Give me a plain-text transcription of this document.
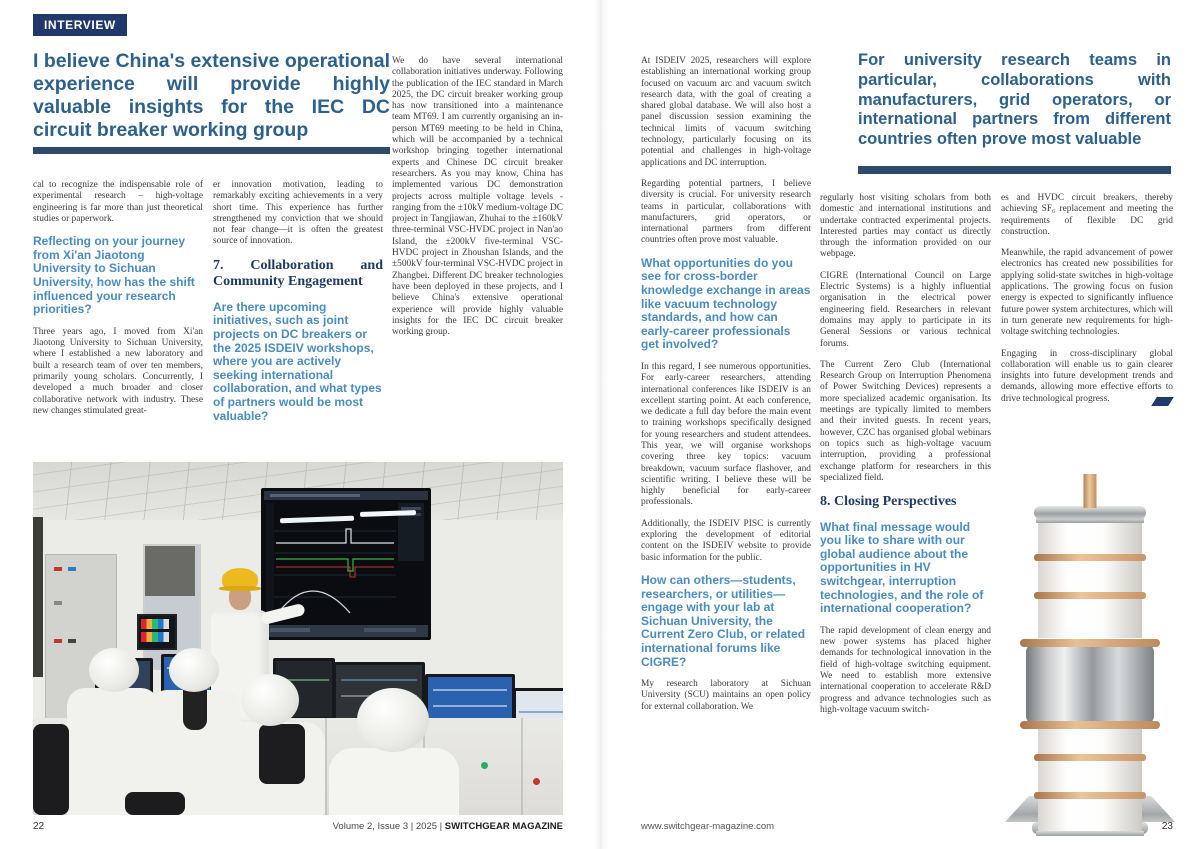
INTERVIEW
I believe China's extensive operational experience will provide highly valuable insights for the IEC DC circuit breaker working group

cal to recognize the indispensable role of experimental research – high-voltage engineering is far more than just theoretical studies or paperwork.

Reflecting on your journey from Xi'an Jiaotong University to Sichuan University, how has the shift influenced your research priorities?

Three years ago, I moved from Xi'an Jiaotong University to Sichuan University, where I established a new laboratory and built a research team of over ten members, primarily young scholars. Concurrently, I developed a much broader and closer collaborative network with industry. These new changes stimulated great-

er innovation motivation, leading to remarkably exciting achievements in a very short time. This experience has further strengthened my conviction that we should not fear change—it is often the greatest source of innovation.

7. Collaboration and Community Engagement

Are there upcoming initiatives, such as joint projects on DC breakers or the 2025 ISDEIV workshops, where you are actively seeking international collaboration, and what types of partners would be most valuable?

We do have several international collaboration initiatives underway. Following the publication of the IEC standard in March 2025, the DC circuit breaker working group has now transitioned into a maintenance team MT69. I am currently organising an in-person MT69 meeting to be held in China, which will be accompanied by a technical workshop bringing together international experts and Chinese DC circuit breaker researchers. As you may know, China has implemented various DC demonstration projects across multiple voltage levels - ranging from the ±10kV medium-voltage DC project in Tangjiawan, Zhuhai to the ±160kV three-terminal VSC-HVDC project in Nan'ao Island, the ±200kV five-terminal VSC-HVDC project in Zhoushan Islands, and the ±500kV four-terminal VSC-HVDC project in Zhangbei. Different DC breaker technologies have been deployed in these projects, and I believe China's extensive operational experience will provide highly valuable insights for the IEC DC circuit breaker working group.

22	Volume 2, Issue 3 | 2025 | SWITCHGEAR MAGAZINE

At ISDEIV 2025, researchers will explore establishing an international working group focused on vacuum arc and vacuum switch research data, with the goal of creating a shared global database. We will also host a panel discussion session examining the technical limits of vacuum switching technology, particularly focusing on its potential and challenges in high-voltage applications and DC interruption.

Regarding potential partners, I believe diversity is crucial. For university research teams in particular, collaborations with manufacturers, grid operators, or international partners from different countries often prove most valuable.

What opportunities do you see for cross-border knowledge exchange in areas like vacuum technology standards, and how can early-career professionals get involved?

In this regard, I see numerous opportunities. For early-career researchers, attending international conferences like ISDEIV is an excellent starting point. At each conference, we dedicate a full day before the main event to training workshops specifically designed for young researchers and student attendees. This year, we will organise workshops covering three key topics: vacuum breakdown, vacuum surface flashover, and scientific writing. I believe these will be highly beneficial for early-career professionals.

Additionally, the ISDEIV PISC is currently exploring the development of editorial content on the ISDEIV website to provide basic information for the public.

How can others—students, researchers, or utilities—engage with your lab at Sichuan University, the Current Zero Club, or related international forums like CIGRE?

My research laboratory at Sichuan University (SCU) maintains an open policy for external collaboration. We

For university research teams in particular, collaborations with manufacturers, grid operators, or international partners from different countries often prove most valuable

regularly host visiting scholars from both domestic and international institutions and undertake contracted experimental projects. Interested parties may contact us directly through the information provided on our webpage.

CIGRE (International Council on Large Electric Systems) is a highly influential organisation in the electrical power engineering field. Researchers in relevant domains may apply to participate in its General Sessions or various technical forums.

The Current Zero Club (International Research Group on Interruption Phenomena of Power Switching Devices) represents a more specialized academic organisation. Its meetings are typically limited to members and their invited guests. In recent years, however, CZC has organised global webinars on topics such as high-voltage vacuum interruption, providing a professional exchange platform for researchers in this specialized field.

8. Closing Perspectives

What final message would you like to share with our global audience about the opportunities in HV switchgear, interruption technologies, and the role of international cooperation?

The rapid development of clean energy and new power systems has placed higher demands for technological innovation in the field of high-voltage switching equipment. We need to establish more extensive international cooperation to accelerate R&D progress and advance technologies such as high-voltage vacuum switch-

es and HVDC circuit breakers, thereby achieving SF₆ replacement and meeting the requirements of flexible DC grid construction.

Meanwhile, the rapid advancement of power electronics has created new possibilities for applying solid-state switches in high-voltage applications. The growing focus on fusion energy is expected to significantly influence future power system architectures, which will in turn generate new requirements for high-voltage switching technologies.

Engaging in cross-disciplinary global collaboration will enable us to gain clearer insights into future development trends and demands, allowing more effective efforts to drive technological progress.

www.switchgear-magazine.com	23
